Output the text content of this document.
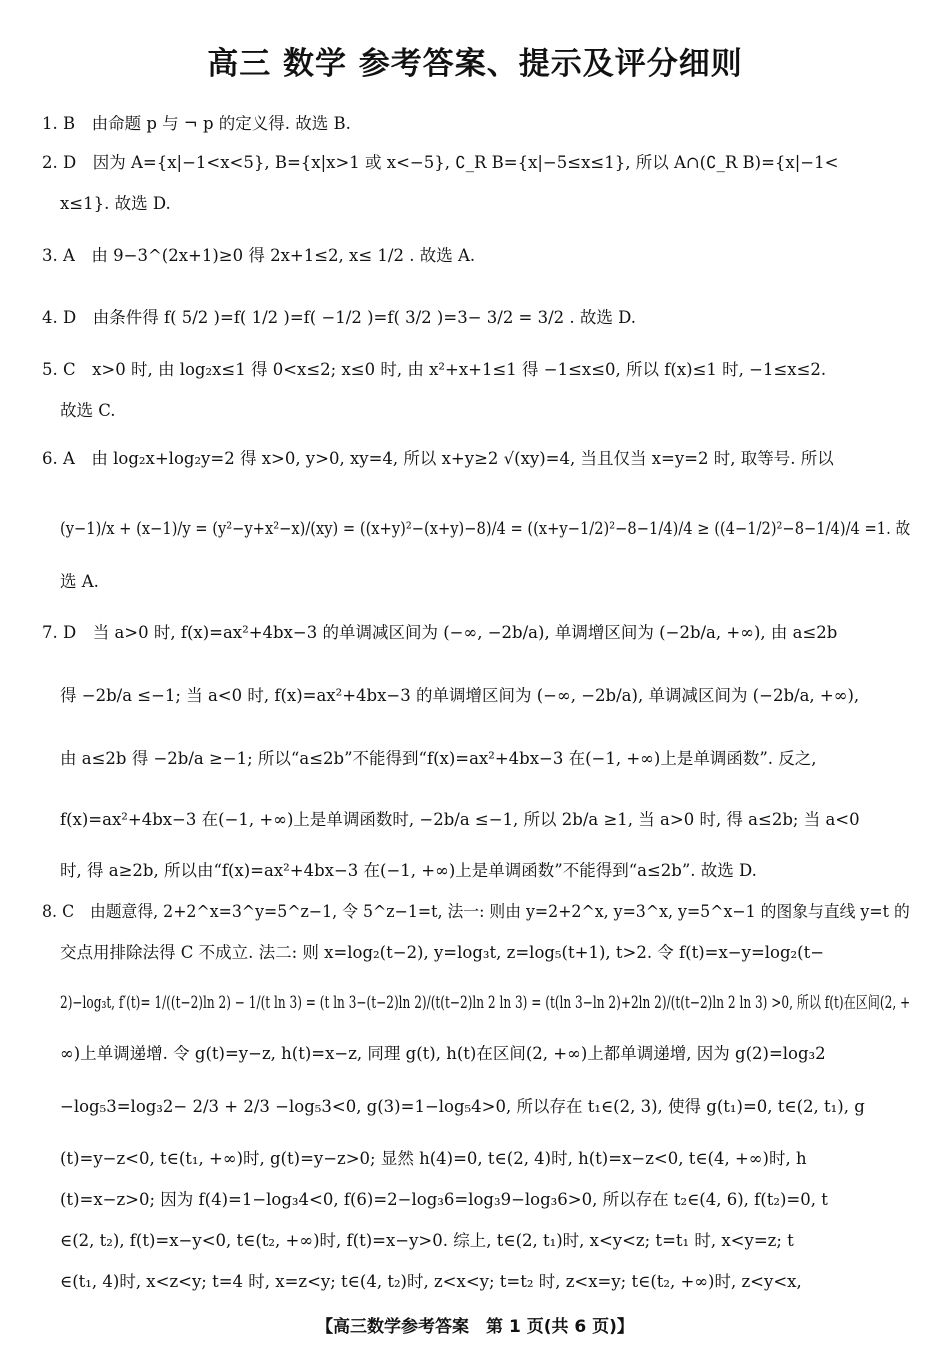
高三 数学 参考答案、提示及评分细则
1. B　由命题 p 与 ¬ p 的定义得. 故选 B.
2. D　因为 A={x|−1<x<5}, B={x|x>1 或 x<−5}, ∁_R B={x|−5≤x≤1}, 所以 A∩(∁_R B)={x|−1<
x≤1}. 故选 D.
3. A　由 9−3^(2x+1)≥0 得 2x+1≤2, x≤ 1/2 . 故选 A.
4. D　由条件得 f( 5/2 )=f( 1/2 )=f( −1/2 )=f( 3/2 )=3− 3/2 = 3/2 . 故选 D.
5. C　x>0 时, 由 log₂x≤1 得 0<x≤2; x≤0 时, 由 x²+x+1≤1 得 −1≤x≤0, 所以 f(x)≤1 时, −1≤x≤2.
故选 C.
6. A　由 log₂x+log₂y=2 得 x>0, y>0, xy=4, 所以 x+y≥2 √(xy)=4, 当且仅当 x=y=2 时, 取等号. 所以
(y−1)/x + (x−1)/y = (y²−y+x²−x)/(xy) = ((x+y)²−(x+y)−8)/4 = ((x+y−1/2)²−8−1/4)/4 ≥ ((4−1/2)²−8−1/4)/4 =1. 故
选 A.
7. D　当 a>0 时, f(x)=ax²+4bx−3 的单调减区间为 (−∞, −2b/a), 单调增区间为 (−2b/a, +∞), 由 a≤2b
得 −2b/a ≤−1; 当 a<0 时, f(x)=ax²+4bx−3 的单调增区间为 (−∞, −2b/a), 单调减区间为 (−2b/a, +∞),
由 a≤2b 得 −2b/a ≥−1; 所以“a≤2b”不能得到“f(x)=ax²+4bx−3 在(−1, +∞)上是单调函数”. 反之,
f(x)=ax²+4bx−3 在(−1, +∞)上是单调函数时, −2b/a ≤−1, 所以 2b/a ≥1, 当 a>0 时, 得 a≤2b; 当 a<0
时, 得 a≥2b, 所以由“f(x)=ax²+4bx−3 在(−1, +∞)上是单调函数”不能得到“a≤2b”. 故选 D.
8. C　由题意得, 2+2^x=3^y=5^z−1, 令 5^z−1=t, 法一: 则由 y=2+2^x, y=3^x, y=5^x−1 的图象与直线 y=t 的
交点用排除法得 C 不成立. 法二: 则 x=log₂(t−2), y=log₃t, z=log₅(t+1), t>2. 令 f(t)=x−y=log₂(t−
2)−log₃t, f′(t)= 1/((t−2)ln 2) − 1/(t ln 3) = (t ln 3−(t−2)ln 2)/(t(t−2)ln 2 ln 3) = (t(ln 3−ln 2)+2ln 2)/(t(t−2)ln 2 ln 3) >0, 所以 f(t)在区间(2, +
∞)上单调递增. 令 g(t)=y−z, h(t)=x−z, 同理 g(t), h(t)在区间(2, +∞)上都单调递增, 因为 g(2)=log₃2
−log₅3=log₃2− 2/3 + 2/3 −log₅3<0, g(3)=1−log₅4>0, 所以存在 t₁∈(2, 3), 使得 g(t₁)=0, t∈(2, t₁), g
(t)=y−z<0, t∈(t₁, +∞)时, g(t)=y−z>0; 显然 h(4)=0, t∈(2, 4)时, h(t)=x−z<0, t∈(4, +∞)时, h
(t)=x−z>0; 因为 f(4)=1−log₃4<0, f(6)=2−log₃6=log₃9−log₃6>0, 所以存在 t₂∈(4, 6), f(t₂)=0, t
∈(2, t₂), f(t)=x−y<0, t∈(t₂, +∞)时, f(t)=x−y>0. 综上, t∈(2, t₁)时, x<y<z; t=t₁ 时, x<y=z; t
∈(t₁, 4)时, x<z<y; t=4 时, x=z<y; t∈(4, t₂)时, z<x<y; t=t₂ 时, z<x=y; t∈(t₂, +∞)时, z<y<x,
【高三数学参考答案　第 1 页(共 6 页)】
